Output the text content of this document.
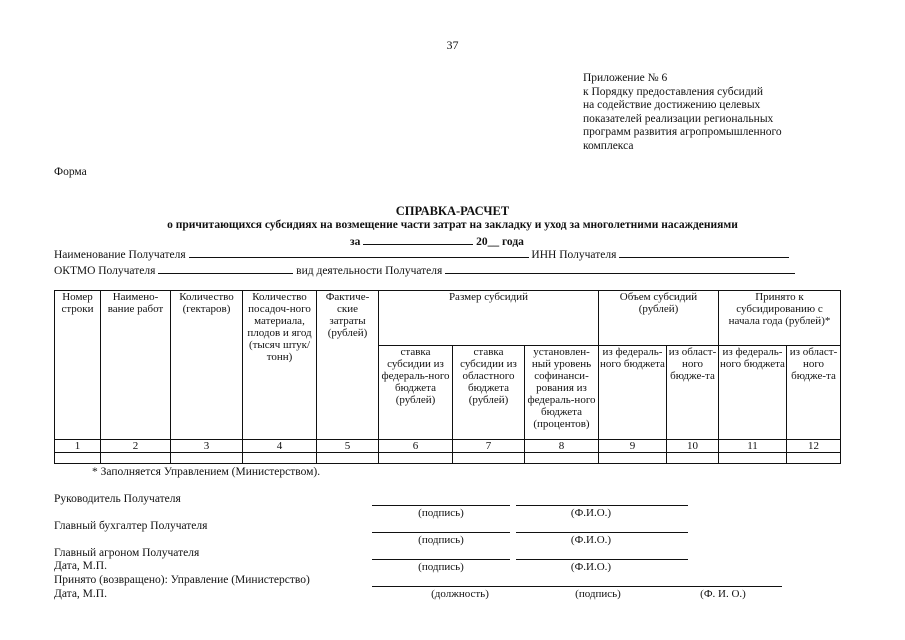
37
Приложение № 6
к Порядку предоставления субсидий
на содействие достижению целевых
показателей реализации региональных
программ развития агропромышленного
комплекса
Форма
СПРАВКА-РАСЧЕТ
о причитающихся субсидиях на возмещение части затрат на закладку и уход за многолетними насаждениями
за	20__ года
Наименование Получателя	ИНН Получателя
ОКТМО Получателя	вид деятельности Получателя
Номер строки	Наимено-вание работ	Количество (гектаров)	Количество посадоч-ного материала, плодов и ягод (тысяч штук/тонн)	Фактиче-ские затраты (рублей)	Размер субсидий			Объем субсидий (рублей)		Принято к субсидированию с начала года (рублей)*	
					ставка субсидии из федераль-ного бюджета (рублей)	ставка субсидии из областного бюджета (рублей)	установлен-ный уровень софинанси-рования из федераль-ного бюджета (процентов)	из федераль-ного бюджета	из област-ного бюдже-та	из федераль-ного бюджета	из област-ного бюдже-та
1	2	3	4	5	6	7	8	9	10	11	12

* Заполняется Управлением (Министерством).
Руководитель Получателя
(подпись)	(Ф.И.О.)
Главный бухгалтер Получателя
(подпись)	(Ф.И.О.)
Главный агроном Получателя
Дата, М.П.	(подпись)	(Ф.И.О.)
Принято (возвращено): Управление (Министерство)
Дата, М.П.	(должность)	(подпись)	(Ф. И. О.)
